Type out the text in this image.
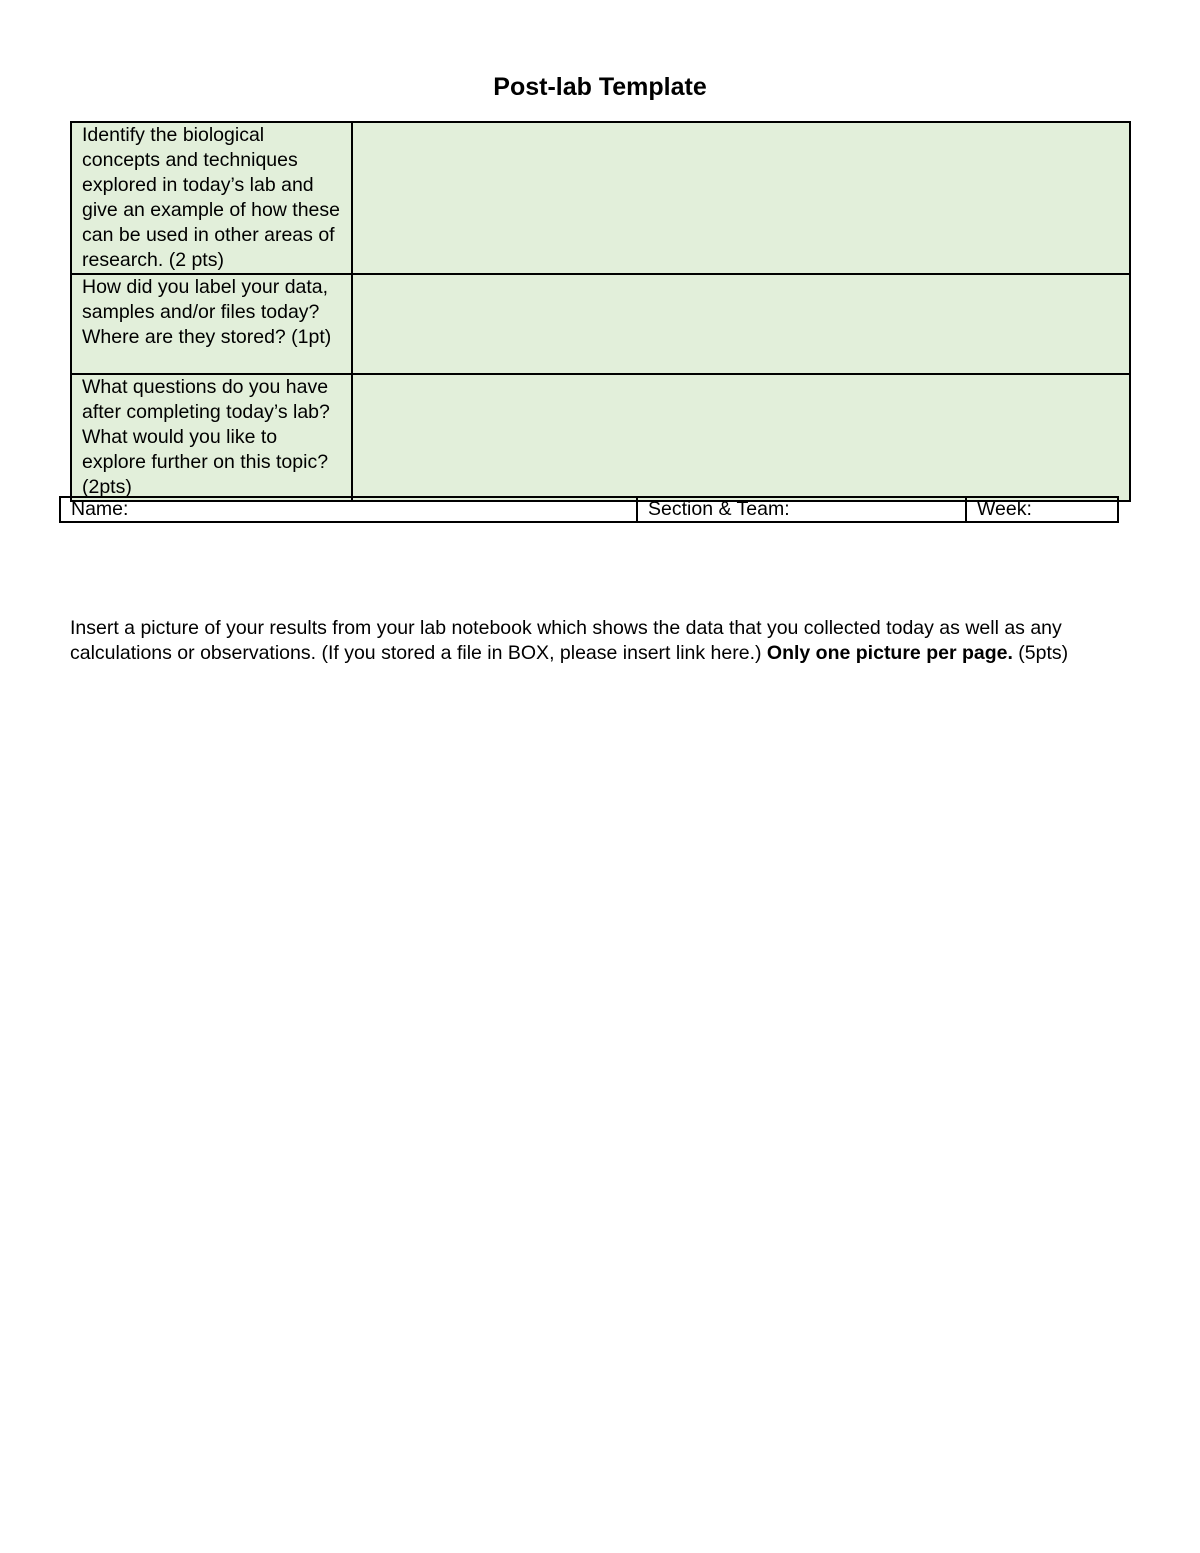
Post-lab Template
Identify the biological concepts and techniques explored in today’s lab and give an example of how these can be used in other areas of research. (2 pts)	
How did you label your data, samples and/or files today? Where are they stored? (1pt)	
What questions do you have after completing today’s lab? What would you like to explore further on this topic? (2pts)	
Name:	Section & Team:	Week:
Insert a picture of your results from your lab notebook which shows the data that you collected today as well as any calculations or observations. (If you stored a file in BOX, please insert link here.) Only one picture per page. (5pts)
